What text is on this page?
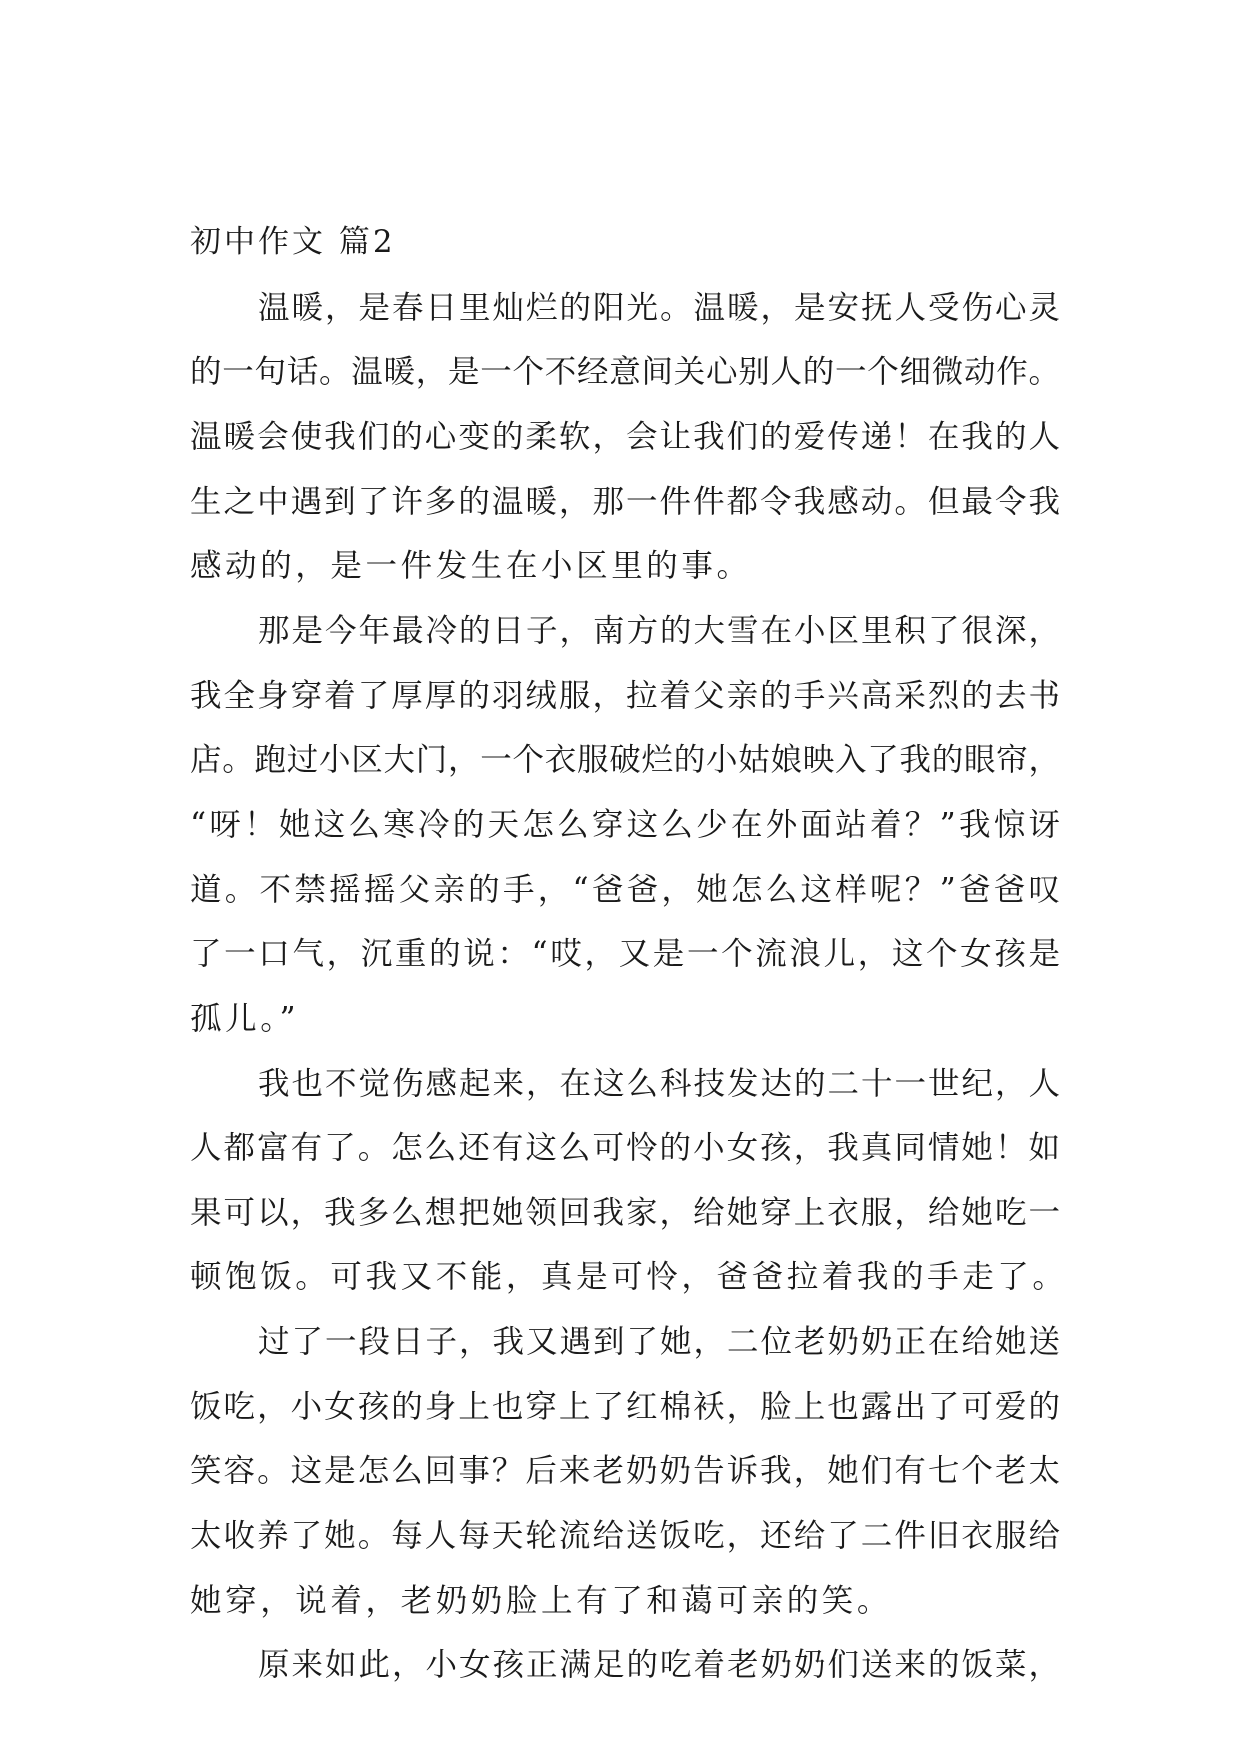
初中作文 篇2
温暖，是春日里灿烂的阳光。温暖，是安抚人受伤心灵
的一句话。温暖，是一个不经意间关心别人的一个细微动作。
温暖会使我们的心变的柔软，会让我们的爱传递！在我的人
生之中遇到了许多的温暖，那一件件都令我感动。但最令我
感动的，是一件发生在小区里的事。
那是今年最冷的日子，南方的大雪在小区里积了很深，
我全身穿着了厚厚的羽绒服，拉着父亲的手兴高采烈的去书
店。跑过小区大门，一个衣服破烂的小姑娘映入了我的眼帘，
“呀！她这么寒冷的天怎么穿这么少在外面站着？”我惊讶
道。不禁摇摇父亲的手，“爸爸，她怎么这样呢？”爸爸叹
了一口气，沉重的说：“哎，又是一个流浪儿，这个女孩是
孤儿。”
我也不觉伤感起来，在这么科技发达的二十一世纪，人
人都富有了。怎么还有这么可怜的小女孩，我真同情她！如
果可以，我多么想把她领回我家，给她穿上衣服，给她吃一
顿饱饭。可我又不能，真是可怜，爸爸拉着我的手走了。
过了一段日子，我又遇到了她，二位老奶奶正在给她送
饭吃，小女孩的身上也穿上了红棉袄，脸上也露出了可爱的
笑容。这是怎么回事？后来老奶奶告诉我，她们有七个老太
太收养了她。每人每天轮流给送饭吃，还给了二件旧衣服给
她穿，说着，老奶奶脸上有了和蔼可亲的笑。
原来如此，小女孩正满足的吃着老奶奶们送来的饭菜，
